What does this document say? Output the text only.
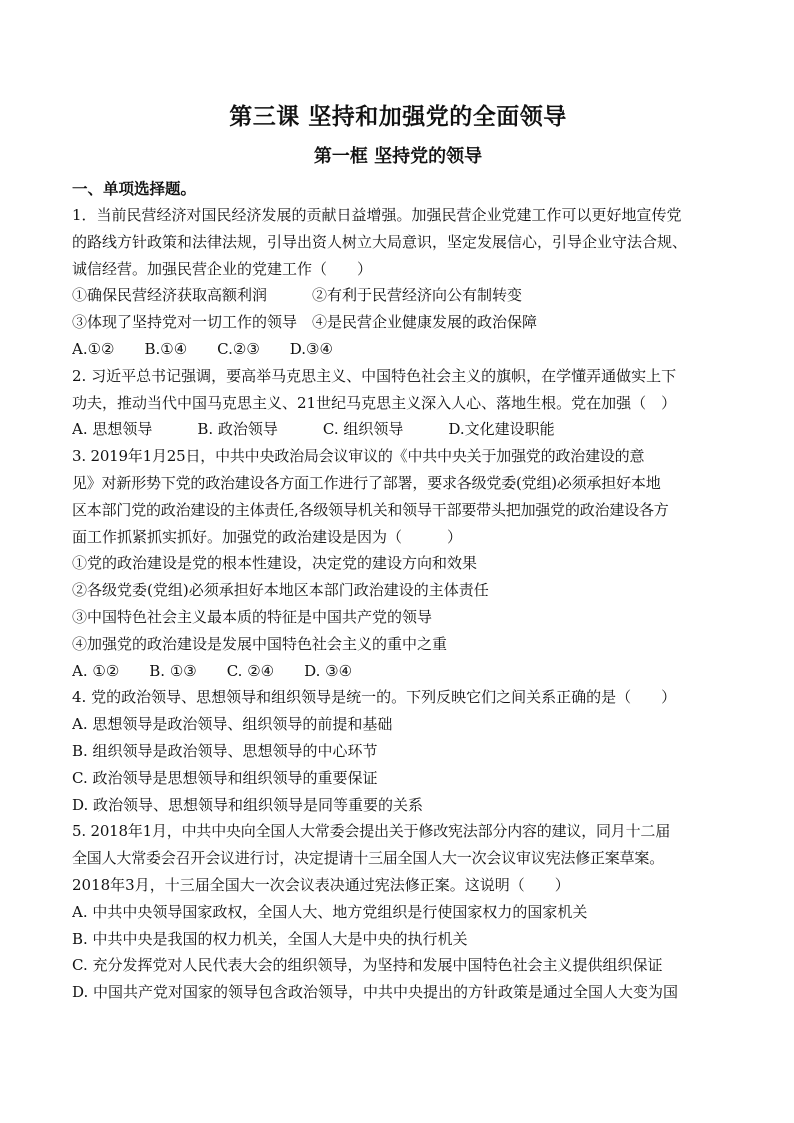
第三课 坚持和加强党的全面领导
第一框 坚持党的领导
一、单项选择题。

1．当前民营经济对国民经济发展的贡献日益增强。加强民营企业党建工作可以更好地宣传党

的路线方针政策和法律法规，引导出资人树立大局意识，坚定发展信心，引导企业守法合规、

诚信经营。加强民营企业的党建工作（　　）

①确保民营经济获取高额利润　　　②有利于民营经济向公有制转变

③体现了坚持党对一切工作的领导　④是民营企业健康发展的政治保障

A.①②　　B.①④　　C.②③　　D.③④

2. 习近平总书记强调，要高举马克思主义、中国特色社会主义的旗帜，在学懂弄通做实上下

功夫，推动当代中国马克思主义、21世纪马克思主义深入人心、落地生根。党在加强（　）

A. 思想领导　　　B. 政治领导　　　C. 组织领导　　　D.文化建设职能

3. 2019年1月25日，中共中央政治局会议审议的《中共中央关于加强党的政治建设的意

见》对新形势下党的政治建设各方面工作进行了部署，要求各级党委(党组)必须承担好本地

区本部门党的政治建设的主体责任,各级领导机关和领导干部要带头把加强党的政治建设各方

面工作抓紧抓实抓好。加强党的政治建设是因为（　　　）

①党的政治建设是党的根本性建设，决定党的建设方向和效果

②各级党委(党组)必须承担好本地区本部门政治建设的主体责任

③中国特色社会主义最本质的特征是中国共产党的领导

④加强党的政治建设是发展中国特色社会主义的重中之重

A. ①②　　B. ①③　　C. ②④　　D. ③④

4. 党的政治领导、思想领导和组织领导是统一的。下列反映它们之间关系正确的是（　　）

A. 思想领导是政治领导、组织领导的前提和基础

B. 组织领导是政治领导、思想领导的中心环节

C. 政治领导是思想领导和组织领导的重要保证

D. 政治领导、思想领导和组织领导是同等重要的关系

5. 2018年1月，中共中央向全国人大常委会提出关于修改宪法部分内容的建议，同月十二届

全国人大常委会召开会议进行讨，决定提请十三届全国人大一次会议审议宪法修正案草案。

2018年3月，十三届全国大一次会议表决通过宪法修正案。这说明（　　）

A. 中共中央领导国家政权，全国人大、地方党组织是行使国家权力的国家机关

B. 中共中央是我国的权力机关，全国人大是中央的执行机关

C. 充分发挥党对人民代表大会的组织领导，为坚持和发展中国特色社会主义提供组织保证

D. 中国共产党对国家的领导包含政治领导，中共中央提出的方针政策是通过全国人大变为国
